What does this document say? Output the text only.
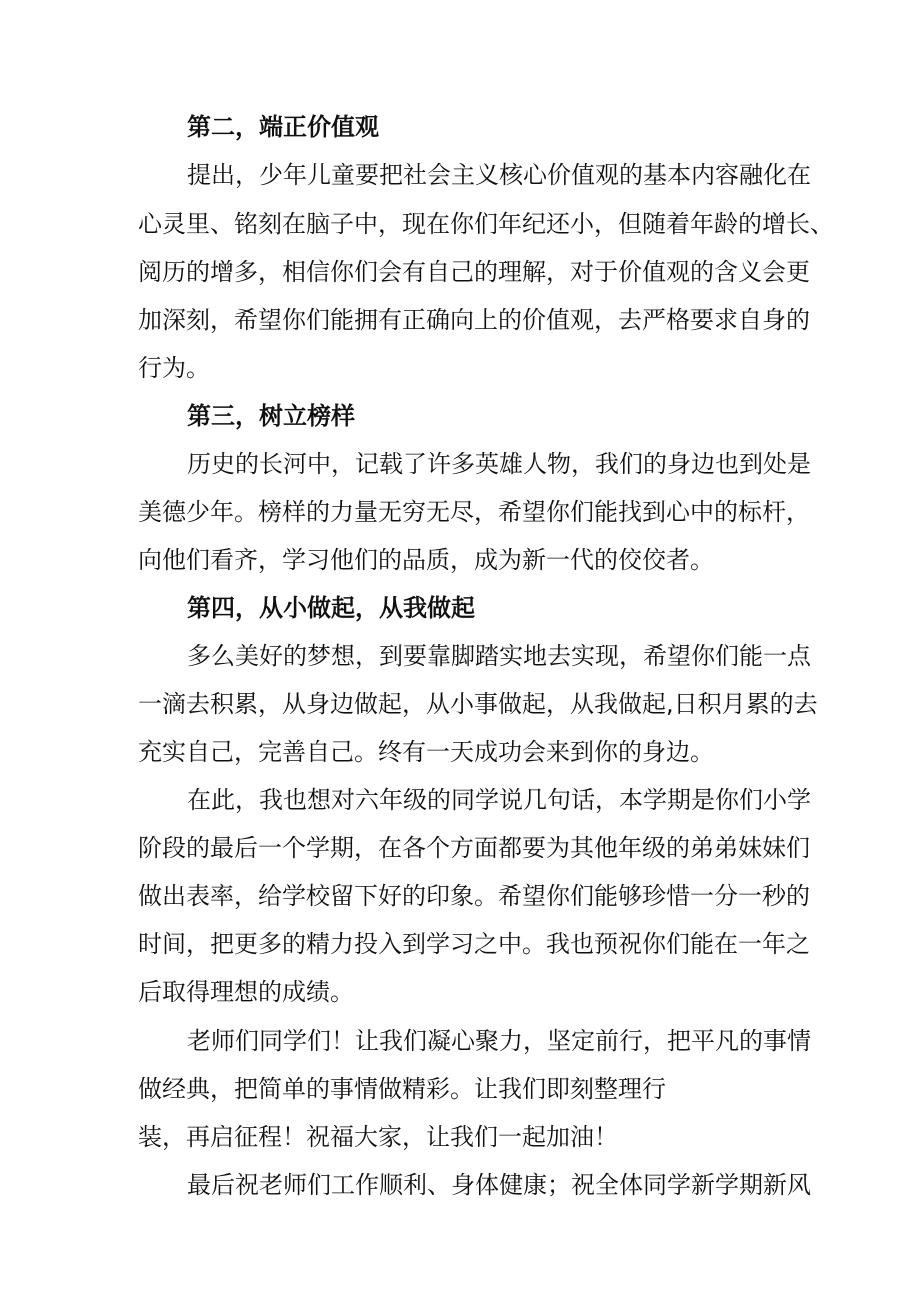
第二，端正价值观
提出，少年儿童要把社会主义核心价值观的基本内容融化在
心灵里、铭刻在脑子中，现在你们年纪还小，但随着年龄的增长、
阅历的增多，相信你们会有自己的理解，对于价值观的含义会更
加深刻，希望你们能拥有正确向上的价值观，去严格要求自身的
行为。
第三，树立榜样
历史的长河中，记载了许多英雄人物，我们的身边也到处是
美德少年。榜样的力量无穷无尽，希望你们能找到心中的标杆，
向他们看齐，学习他们的品质，成为新一代的佼佼者。
第四，从小做起，从我做起
多么美好的梦想，到要靠脚踏实地去实现，希望你们能一点
一滴去积累，从身边做起，从小事做起，从我做起,日积月累的去
充实自己，完善自己。终有一天成功会来到你的身边。
在此，我也想对六年级的同学说几句话，本学期是你们小学
阶段的最后一个学期，在各个方面都要为其他年级的弟弟妹妹们
做出表率，给学校留下好的印象。希望你们能够珍惜一分一秒的
时间，把更多的精力投入到学习之中。我也预祝你们能在一年之
后取得理想的成绩。
老师们同学们！让我们凝心聚力，坚定前行，把平凡的事情
做经典，把简单的事情做精彩。让我们即刻整理行
装，再启征程！祝福大家，让我们一起加油！
最后祝老师们工作顺利、身体健康；祝全体同学新学期新风
